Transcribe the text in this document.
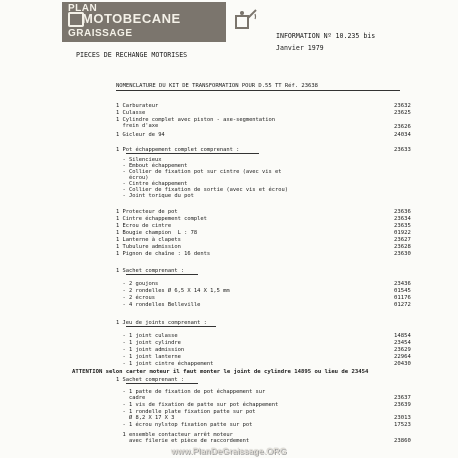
PLAN
MOTOBECANE
GRAISSAGE	INFORMATION Nº 10.235 bis
Janvier 1979
PIECES DE RECHANGE MOTORISES
NOMENCLATURE DU KIT DE TRANSFORMATION POUR D.55 TT Réf. 23638
1 Carburateur	23632
1 Culasse	23625
1 Cylindre complet avec piston - axe-segmentation
frein d'axe	23626
1 Gicleur de 94	24034
1 Pot échappement complet comprenant :	23633
- Silencieux
- Embout échappement
- Collier de fixation pot sur cintre (avec vis et
écrou)
- Cintre échappement
- Collier de fixation de sortie (avec vis et écrou)
- Joint torique du pot
1 Protecteur de pot	23636
1 Cintre échappement complet	23634
1 Ecrou de cintre	23635
1 Bougie champion  L : 78	01922
1 Lanterne à clapets	23627
1 Tubulure admission	23628
1 Pignon de chaîne : 16 dents	23630
1 Sachet comprenant :
- 2 goujons	23436
- 2 rondelles Ø 6,5 X 14 X 1,5 mm	01545
- 2 écrous	01176
- 4 rondelles Belleville	01272
1 Jeu de joints comprenant :
- 1 joint culasse	14854
- 1 joint cylindre	23454
- 1 joint admission	23629
- 1 joint lanterne	22964
- 1 joint cintre échappement	20430
ATTENTION selon carter moteur il faut monter le joint de cylindre 14895 ou lieu de 23454
1 Sachet comprenant :
- 1 patte de fixation de pot échappement sur
cadre	23637
- 1 vis de fixation de patte sur pot échappement	23639
- 1 rondelle plate fixation patte sur pot
Ø 8,2 X 17 X 3	23013
- 1 écrou nylstop fixation patte sur pot	17523
1 ensemble contacteur arrêt moteur
avec filerie et pièce de raccordement	23860
www.PlanDeGraissage.ORG
